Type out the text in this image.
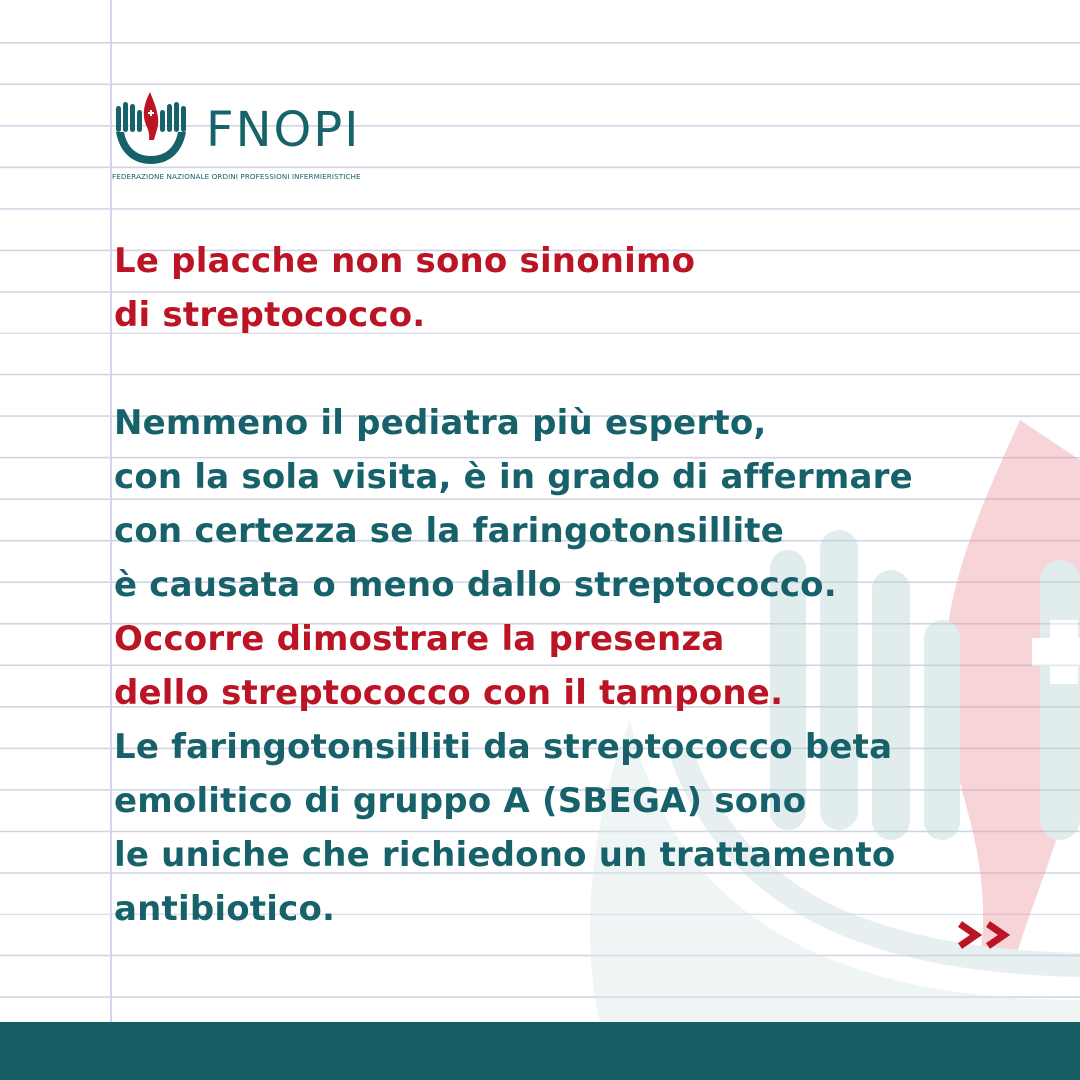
FNOPI
FEDERAZIONE NAZIONALE ORDINI PROFESSIONI INFERMIERISTICHE
Le placche non sono sinonimo
di streptococco.
Nemmeno il pediatra più esperto,
con la sola visita, è in grado di affermare
con certezza se la faringotonsillite
è causata o meno dallo streptococco.
Occorre dimostrare la presenza
dello streptococco con il tampone.
Le faringotonsilliti da streptococco beta
emolitico di gruppo A (SBEGA) sono
le uniche che richiedono un trattamento
antibiotico.
